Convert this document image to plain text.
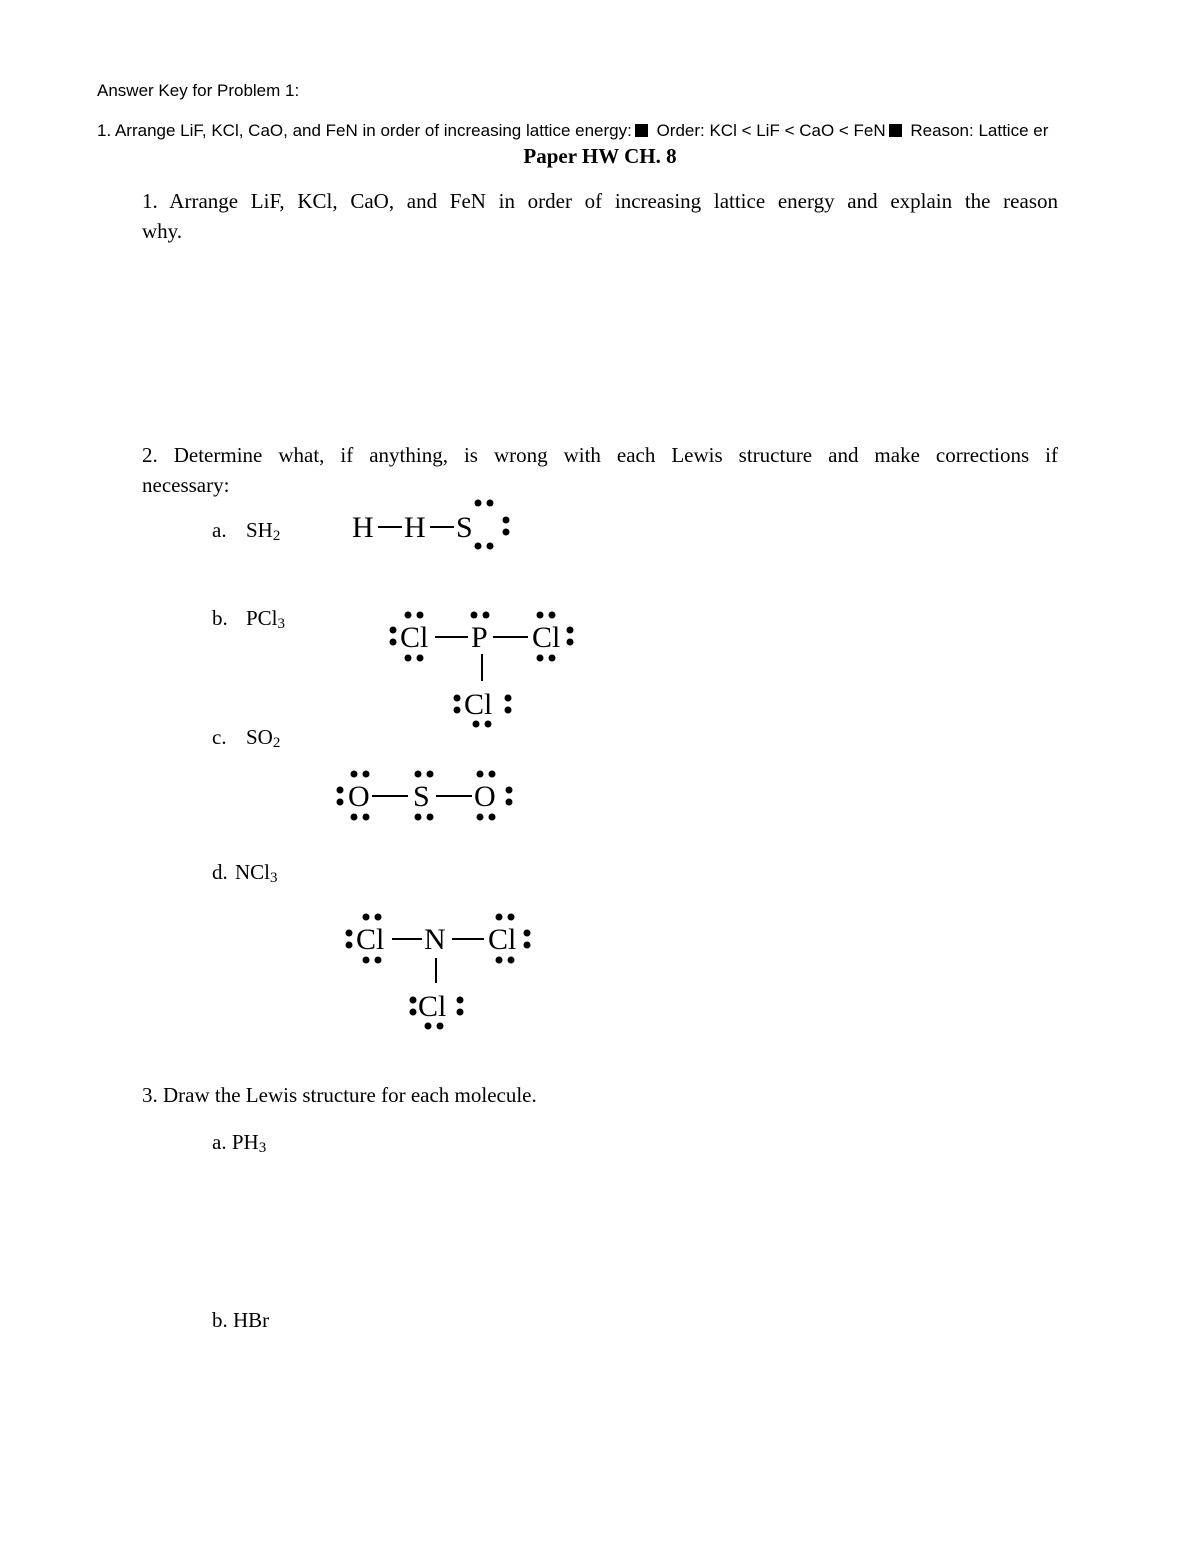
Answer Key for Problem 1:
1. Arrange LiF, KCl, CaO, and FeN in order of increasing lattice energy: Order: KCl < LiF < CaO < FeN Reason: Lattice er
Paper HW CH. 8
1. Arrange LiF, KCl, CaO, and FeN in order of increasing lattice energy and explain the reason
why.
2. Determine what, if anything, is wrong with each Lewis structure and make corrections if
necessary:
a. $SH_2$
b. PCl$_3$
c. $SO_2$
d. NCl$_3$
H H S
Cl P Cl
Cl
O S O
Cl N Cl
Cl
3. Draw the Lewis structure for each molecule.
a. $PH_3$
b. HBr
